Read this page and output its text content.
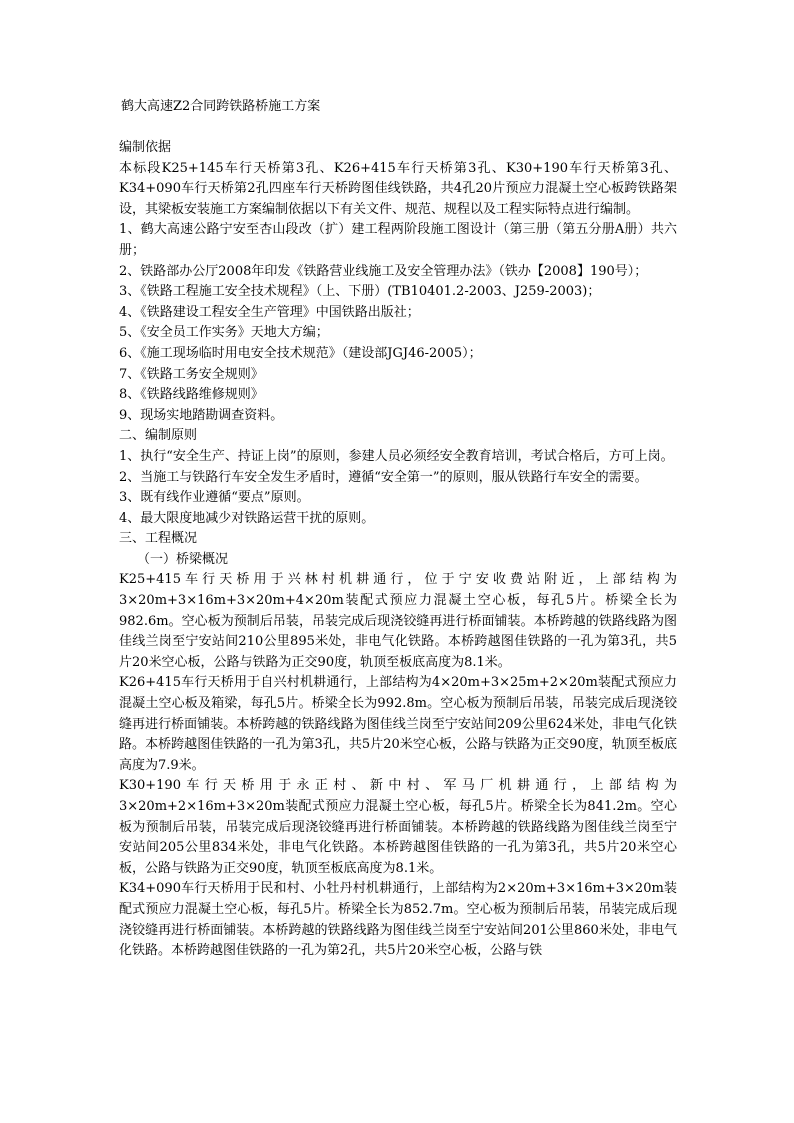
鹤大高速Z2合同跨铁路桥施工方案

编制依据

本标段K25+145车行天桥第3孔、K26+415车行天桥第3孔、K30+190车行天桥第3孔、K34+090车行天桥第2孔四座车行天桥跨图佳线铁路，共4孔20片预应力混凝土空心板跨铁路架设，其梁板安装施工方案编制依据以下有关文件、规范、规程以及工程实际特点进行编制。

1、鹤大高速公路宁安至杏山段改（扩）建工程两阶段施工图设计（第三册（第五分册A册）共六册；

2、铁路部办公厅2008年印发《铁路营业线施工及安全管理办法》（铁办【2008】190号）；

3、《铁路工程施工安全技术规程》（上、下册）(TB10401.2-2003、J259-2003)；

4、《铁路建设工程安全生产管理》中国铁路出版社；

5、《安全员工作实务》天地大方编；

6、《施工现场临时用电安全技术规范》（建设部JGJ46-2005）；

7、《铁路工务安全规则》

8、《铁路线路维修规则》

9、现场实地踏勘调查资料。

二、编制原则

1、执行“安全生产、持证上岗”的原则，参建人员必须经安全教育培训，考试合格后，方可上岗。

2、当施工与铁路行车安全发生矛盾时，遵循“安全第一”的原则，服从铁路行车安全的需要。

3、既有线作业遵循“要点”原则。

4、最大限度地减少对铁路运营干扰的原则。

三、工程概况

（一）桥梁概况

K25+415车行天桥用于兴林村机耕通行，位于宁安收费站附近，上部结构为3×20m+3×16m+3×20m+4×20m装配式预应力混凝土空心板，每孔5片。桥梁全长为982.6m。空心板为预制后吊装，吊装完成后现浇铰缝再进行桥面铺装。本桥跨越的铁路线路为图佳线兰岗至宁安站间210公里895米处，非电气化铁路。本桥跨越图佳铁路的一孔为第3孔，共5片20米空心板，公路与铁路为正交90度，轨顶至板底高度为8.1米。

K26+415车行天桥用于自兴村机耕通行，上部结构为4×20m+3×25m+2×20m装配式预应力混凝土空心板及箱梁，每孔5片。桥梁全长为992.8m。空心板为预制后吊装，吊装完成后现浇铰缝再进行桥面铺装。本桥跨越的铁路线路为图佳线兰岗至宁安站间209公里624米处，非电气化铁路。本桥跨越图佳铁路的一孔为第3孔，共5片20米空心板，公路与铁路为正交90度，轨顶至板底高度为7.9米。

K30+190车行天桥用于永正村、新中村、军马厂机耕通行，上部结构为3×20m+2×16m+3×20m装配式预应力混凝土空心板，每孔5片。桥梁全长为841.2m。空心板为预制后吊装，吊装完成后现浇铰缝再进行桥面铺装。本桥跨越的铁路线路为图佳线兰岗至宁安站间205公里834米处，非电气化铁路。本桥跨越图佳铁路的一孔为第3孔，共5片20米空心板，公路与铁路为正交90度，轨顶至板底高度为8.1米。

K34+090车行天桥用于民和村、小牡丹村机耕通行，上部结构为2×20m+3×16m+3×20m装配式预应力混凝土空心板，每孔5片。桥梁全长为852.7m。空心板为预制后吊装，吊装完成后现浇铰缝再进行桥面铺装。本桥跨越的铁路线路为图佳线兰岗至宁安站间201公里860米处，非电气化铁路。本桥跨越图佳铁路的一孔为第2孔，共5片20米空心板，公路与铁
